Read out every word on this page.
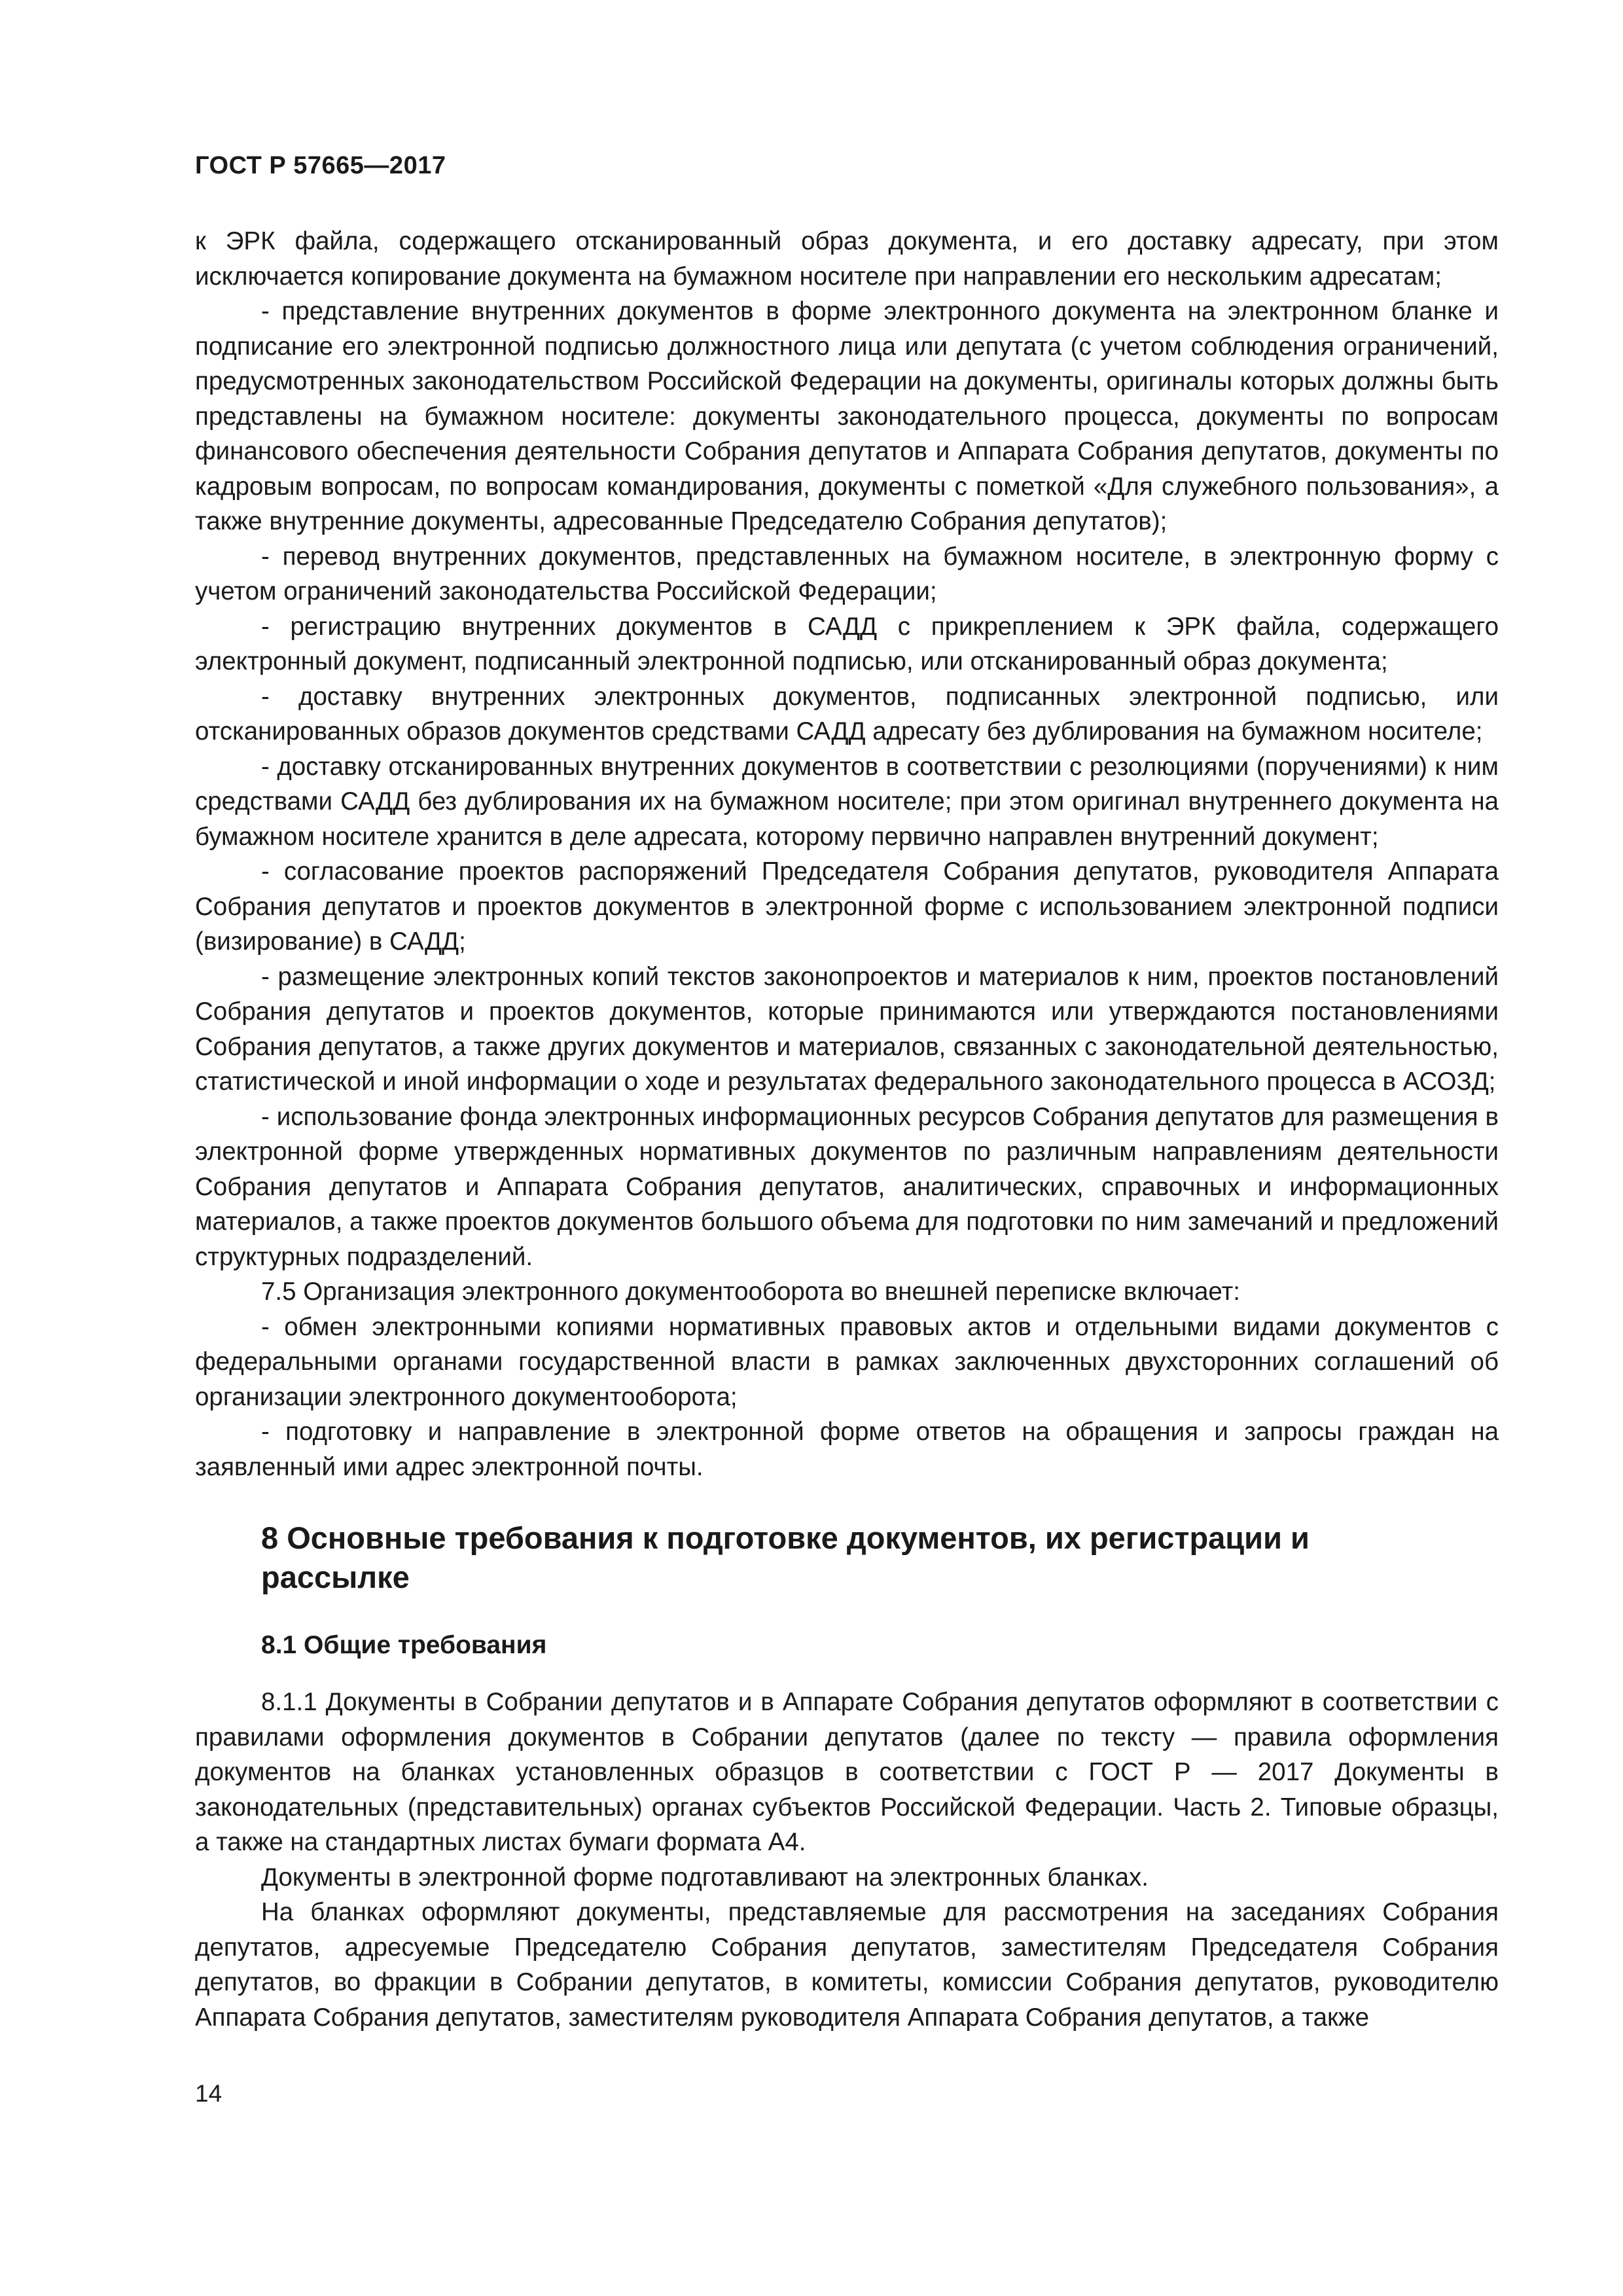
ГОСТ Р 57665—2017

к ЭРК файла, содержащего отсканированный образ документа, и его доставку адресату, при этом исключается копирование документа на бумажном носителе при направлении его нескольким адресатам;

- представление внутренних документов в форме электронного документа на электронном бланке и подписание его электронной подписью должностного лица или депутата (с учетом соблюдения ограничений, предусмотренных законодательством Российской Федерации на документы, оригиналы которых должны быть представлены на бумажном носителе: документы законодательного процесса, документы по вопросам финансового обеспечения деятельности Собрания депутатов и Аппарата Собрания депутатов, документы по кадровым вопросам, по вопросам командирования, документы с пометкой «Для служебного пользования», а также внутренние документы, адресованные Председателю Собрания депутатов);

- перевод внутренних документов, представленных на бумажном носителе, в электронную форму с учетом ограничений законодательства Российской Федерации;

- регистрацию внутренних документов в САДД с прикреплением к ЭРК файла, содержащего электронный документ, подписанный электронной подписью, или отсканированный образ документа;

- доставку внутренних электронных документов, подписанных электронной подписью, или отсканированных образов документов средствами САДД адресату без дублирования на бумажном носителе;

- доставку отсканированных внутренних документов в соответствии с резолюциями (поручениями) к ним средствами САДД без дублирования их на бумажном носителе; при этом оригинал внутреннего документа на бумажном носителе хранится в деле адресата, которому первично направлен внутренний документ;

- согласование проектов распоряжений Председателя Собрания депутатов, руководителя Аппарата Собрания депутатов и проектов документов в электронной форме с использованием электронной подписи (визирование) в САДД;

- размещение электронных копий текстов законопроектов и материалов к ним, проектов постановлений Собрания депутатов и проектов документов, которые принимаются или утверждаются постановлениями Собрания депутатов, а также других документов и материалов, связанных с законодательной деятельностью, статистической и иной информации о ходе и результатах федерального законодательного процесса в АСОЗД;

- использование фонда электронных информационных ресурсов Собрания депутатов для размещения в электронной форме утвержденных нормативных документов по различным направлениям деятельности Собрания депутатов и Аппарата Собрания депутатов, аналитических, справочных и информационных материалов, а также проектов документов большого объема для подготовки по ним замечаний и предложений структурных подразделений.

7.5 Организация электронного документооборота во внешней переписке включает:

- обмен электронными копиями нормативных правовых актов и отдельными видами документов с федеральными органами государственной власти в рамках заключенных двухсторонних соглашений об организации электронного документооборота;

- подготовку и направление в электронной форме ответов на обращения и запросы граждан на заявленный ими адрес электронной почты.

8 Основные требования к подготовке документов, их регистрации и рассылке
8.1 Общие требования

8.1.1 Документы в Собрании депутатов и в Аппарате Собрания депутатов оформляют в соответствии с правилами оформления документов в Собрании депутатов (далее по тексту — правила оформления документов на бланках установленных образцов в соответствии с ГОСТ Р — 2017 Документы в законодательных (представительных) органах субъектов Российской Федерации. Часть 2. Типовые образцы, а также на стандартных листах бумаги формата А4.

Документы в электронной форме подготавливают на электронных бланках.

На бланках оформляют документы, представляемые для рассмотрения на заседаниях Собрания депутатов, адресуемые Председателю Собрания депутатов, заместителям Председателя Собрания депутатов, во фракции в Собрании депутатов, в комитеты, комиссии Собрания депутатов, руководителю Аппарата Собрания депутатов, заместителям руководителя Аппарата Собрания депутатов, а также

14
